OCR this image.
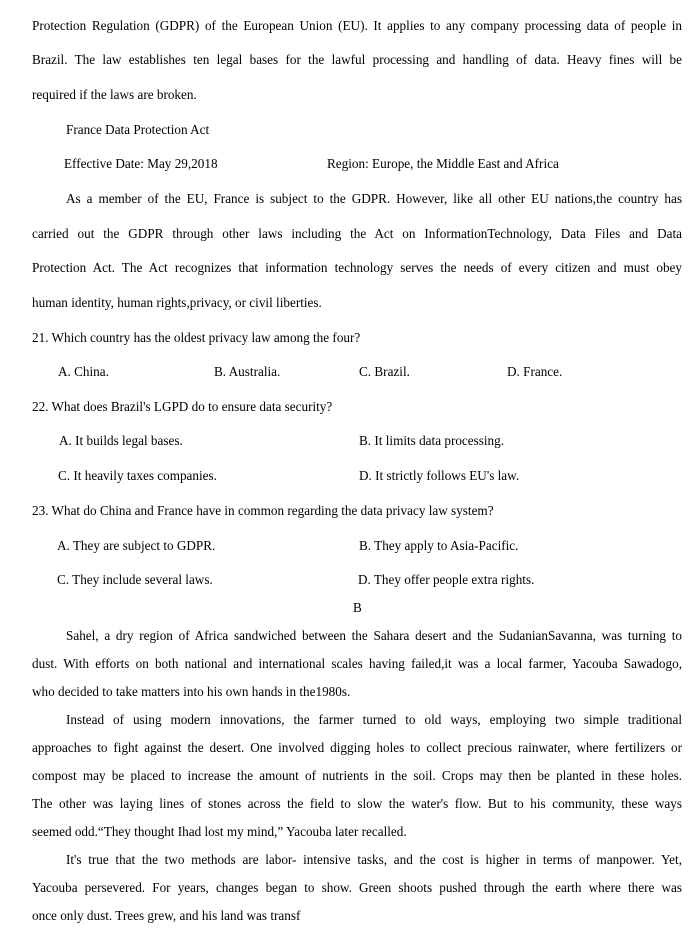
Protection Regulation (GDPR) of the European Union (EU). It applies to any company processing data of people in
Brazil. The law establishes ten legal bases for the lawful processing and handling of data. Heavy fines will be
required if the laws are broken.
France Data Protection Act
Effective Date: May 29,2018	Region: Europe, the Middle East and Africa
As a member of the EU, France is subject to the GDPR. However, like all other EU nations,the country has
carried out the GDPR through other laws including the Act on InformationTechnology, Data Files and Data
Protection Act. The Act recognizes that information technology serves the needs of every citizen and must obey
human identity, human rights,privacy, or civil liberties.
21. Which country has the oldest privacy law among the four?
A. China.	B. Australia.	C. Brazil.	D. France.
22. What does Brazil's LGPD do to ensure data security?
A. It builds legal bases.	B. It limits data processing.
C. It heavily taxes companies.	D. It strictly follows EU's law.
23. What do China and France have in common regarding the data privacy law system?
A. They are subject to GDPR.	B. They apply to Asia-Pacific.
C. They include several laws.	D. They offer people extra rights.
B
Sahel, a dry region of Africa sandwiched between the Sahara desert and the SudanianSavanna, was turning to
dust. With efforts on both national and international scales having failed,it was a local farmer, Yacouba Sawadogo,
who decided to take matters into his own hands in the1980s.
Instead of using modern innovations, the farmer turned to old ways, employing two simple traditional
approaches to fight against the desert. One involved digging holes to collect precious rainwater, where fertilizers or
compost may be placed to increase the amount of nutrients in the soil. Crops may then be planted in these holes.
The other was laying lines of stones across the field to slow the water's flow. But to his community, these ways
seemed odd.“They thought Ihad lost my mind,” Yacouba later recalled.
It's true that the two methods are labor- intensive tasks, and the cost is higher in terms of manpower. Yet,
Yacouba persevered. For years, changes began to show. Green shoots pushed through the earth where there was
once only dust. Trees grew, and his land was transf
